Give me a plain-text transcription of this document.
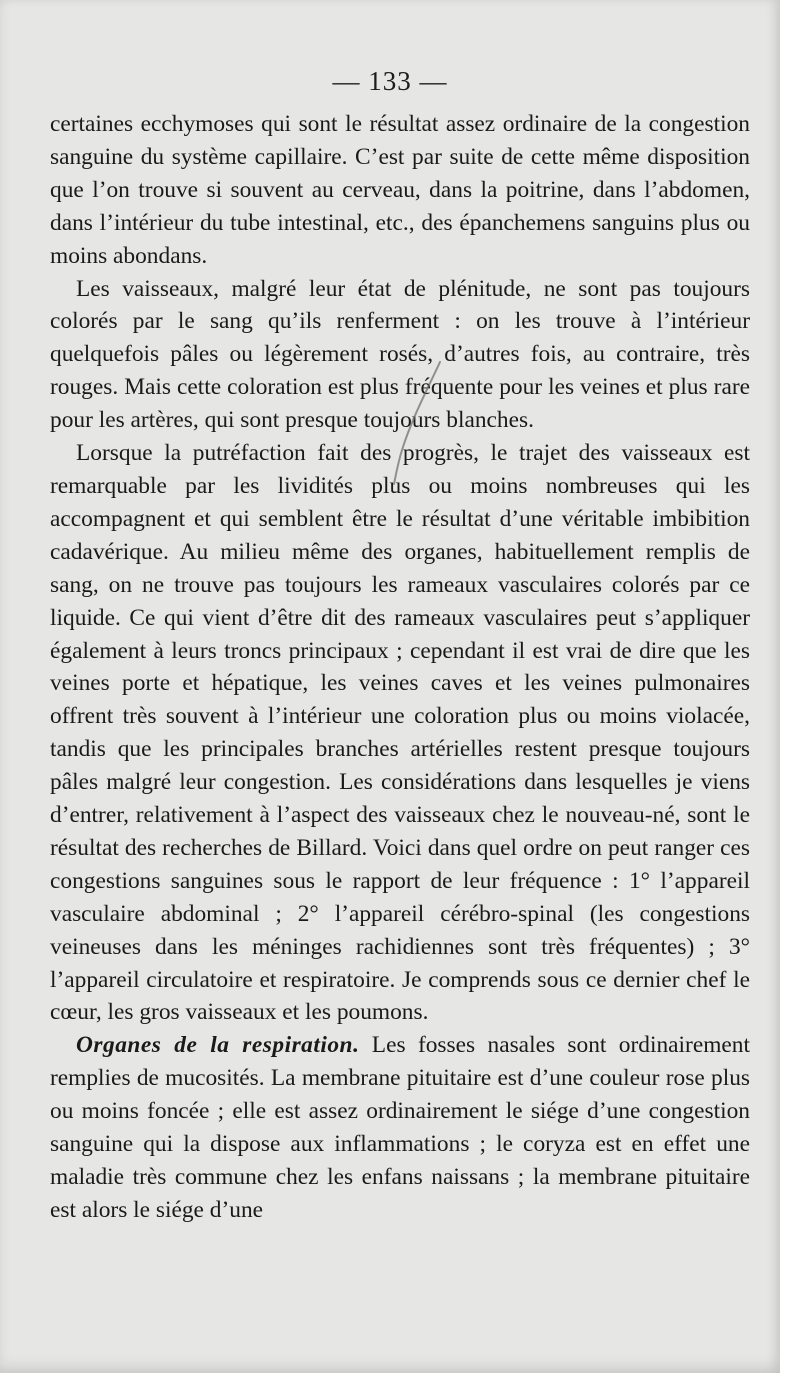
— 133 —

certaines ecchymoses qui sont le résultat assez ordinaire de la congestion sanguine du système capillaire. C’est par suite de cette même disposition que l’on trouve si souvent au cerveau, dans la poitrine, dans l’abdomen, dans l’intérieur du tube intestinal, etc., des épanchemens sanguins plus ou moins abondans.

Les vaisseaux, malgré leur état de plénitude, ne sont pas toujours colorés par le sang qu’ils renferment : on les trouve à l’intérieur quelquefois pâles ou légèrement rosés, d’autres fois, au contraire, très rouges. Mais cette coloration est plus fréquente pour les veines et plus rare pour les artères, qui sont presque toujours blanches.

Lorsque la putréfaction fait des progrès, le trajet des vaisseaux est remarquable par les lividités plus ou moins nombreuses qui les accompagnent et qui semblent être le résultat d’une véritable imbibition cadavérique. Au milieu même des organes, habituellement remplis de sang, on ne trouve pas toujours les rameaux vasculaires colorés par ce liquide. Ce qui vient d’être dit des rameaux vasculaires peut s’appliquer également à leurs troncs principaux ; cependant il est vrai de dire que les veines porte et hépatique, les veines caves et les veines pulmonaires offrent très souvent à l’intérieur une coloration plus ou moins violacée, tandis que les principales branches artérielles restent presque toujours pâles malgré leur congestion. Les considérations dans lesquelles je viens d’entrer, relativement à l’aspect des vaisseaux chez le nouveau-né, sont le résultat des recherches de Billard. Voici dans quel ordre on peut ranger ces congestions sanguines sous le rapport de leur fréquence : 1° l’appareil vasculaire abdominal ; 2° l’appareil cérébro-spinal (les congestions veineuses dans les méninges rachidiennes sont très fréquentes) ; 3° l’appareil circulatoire et respiratoire. Je comprends sous ce dernier chef le cœur, les gros vaisseaux et les poumons.

Organes de la respiration. Les fosses nasales sont ordinairement remplies de mucosités. La membrane pituitaire est d’une couleur rose plus ou moins foncée ; elle est assez ordinairement le siége d’une congestion sanguine qui la dispose aux inflammations ; le coryza est en effet une maladie très commune chez les enfans naissans ; la membrane pituitaire est alors le siége d’une
